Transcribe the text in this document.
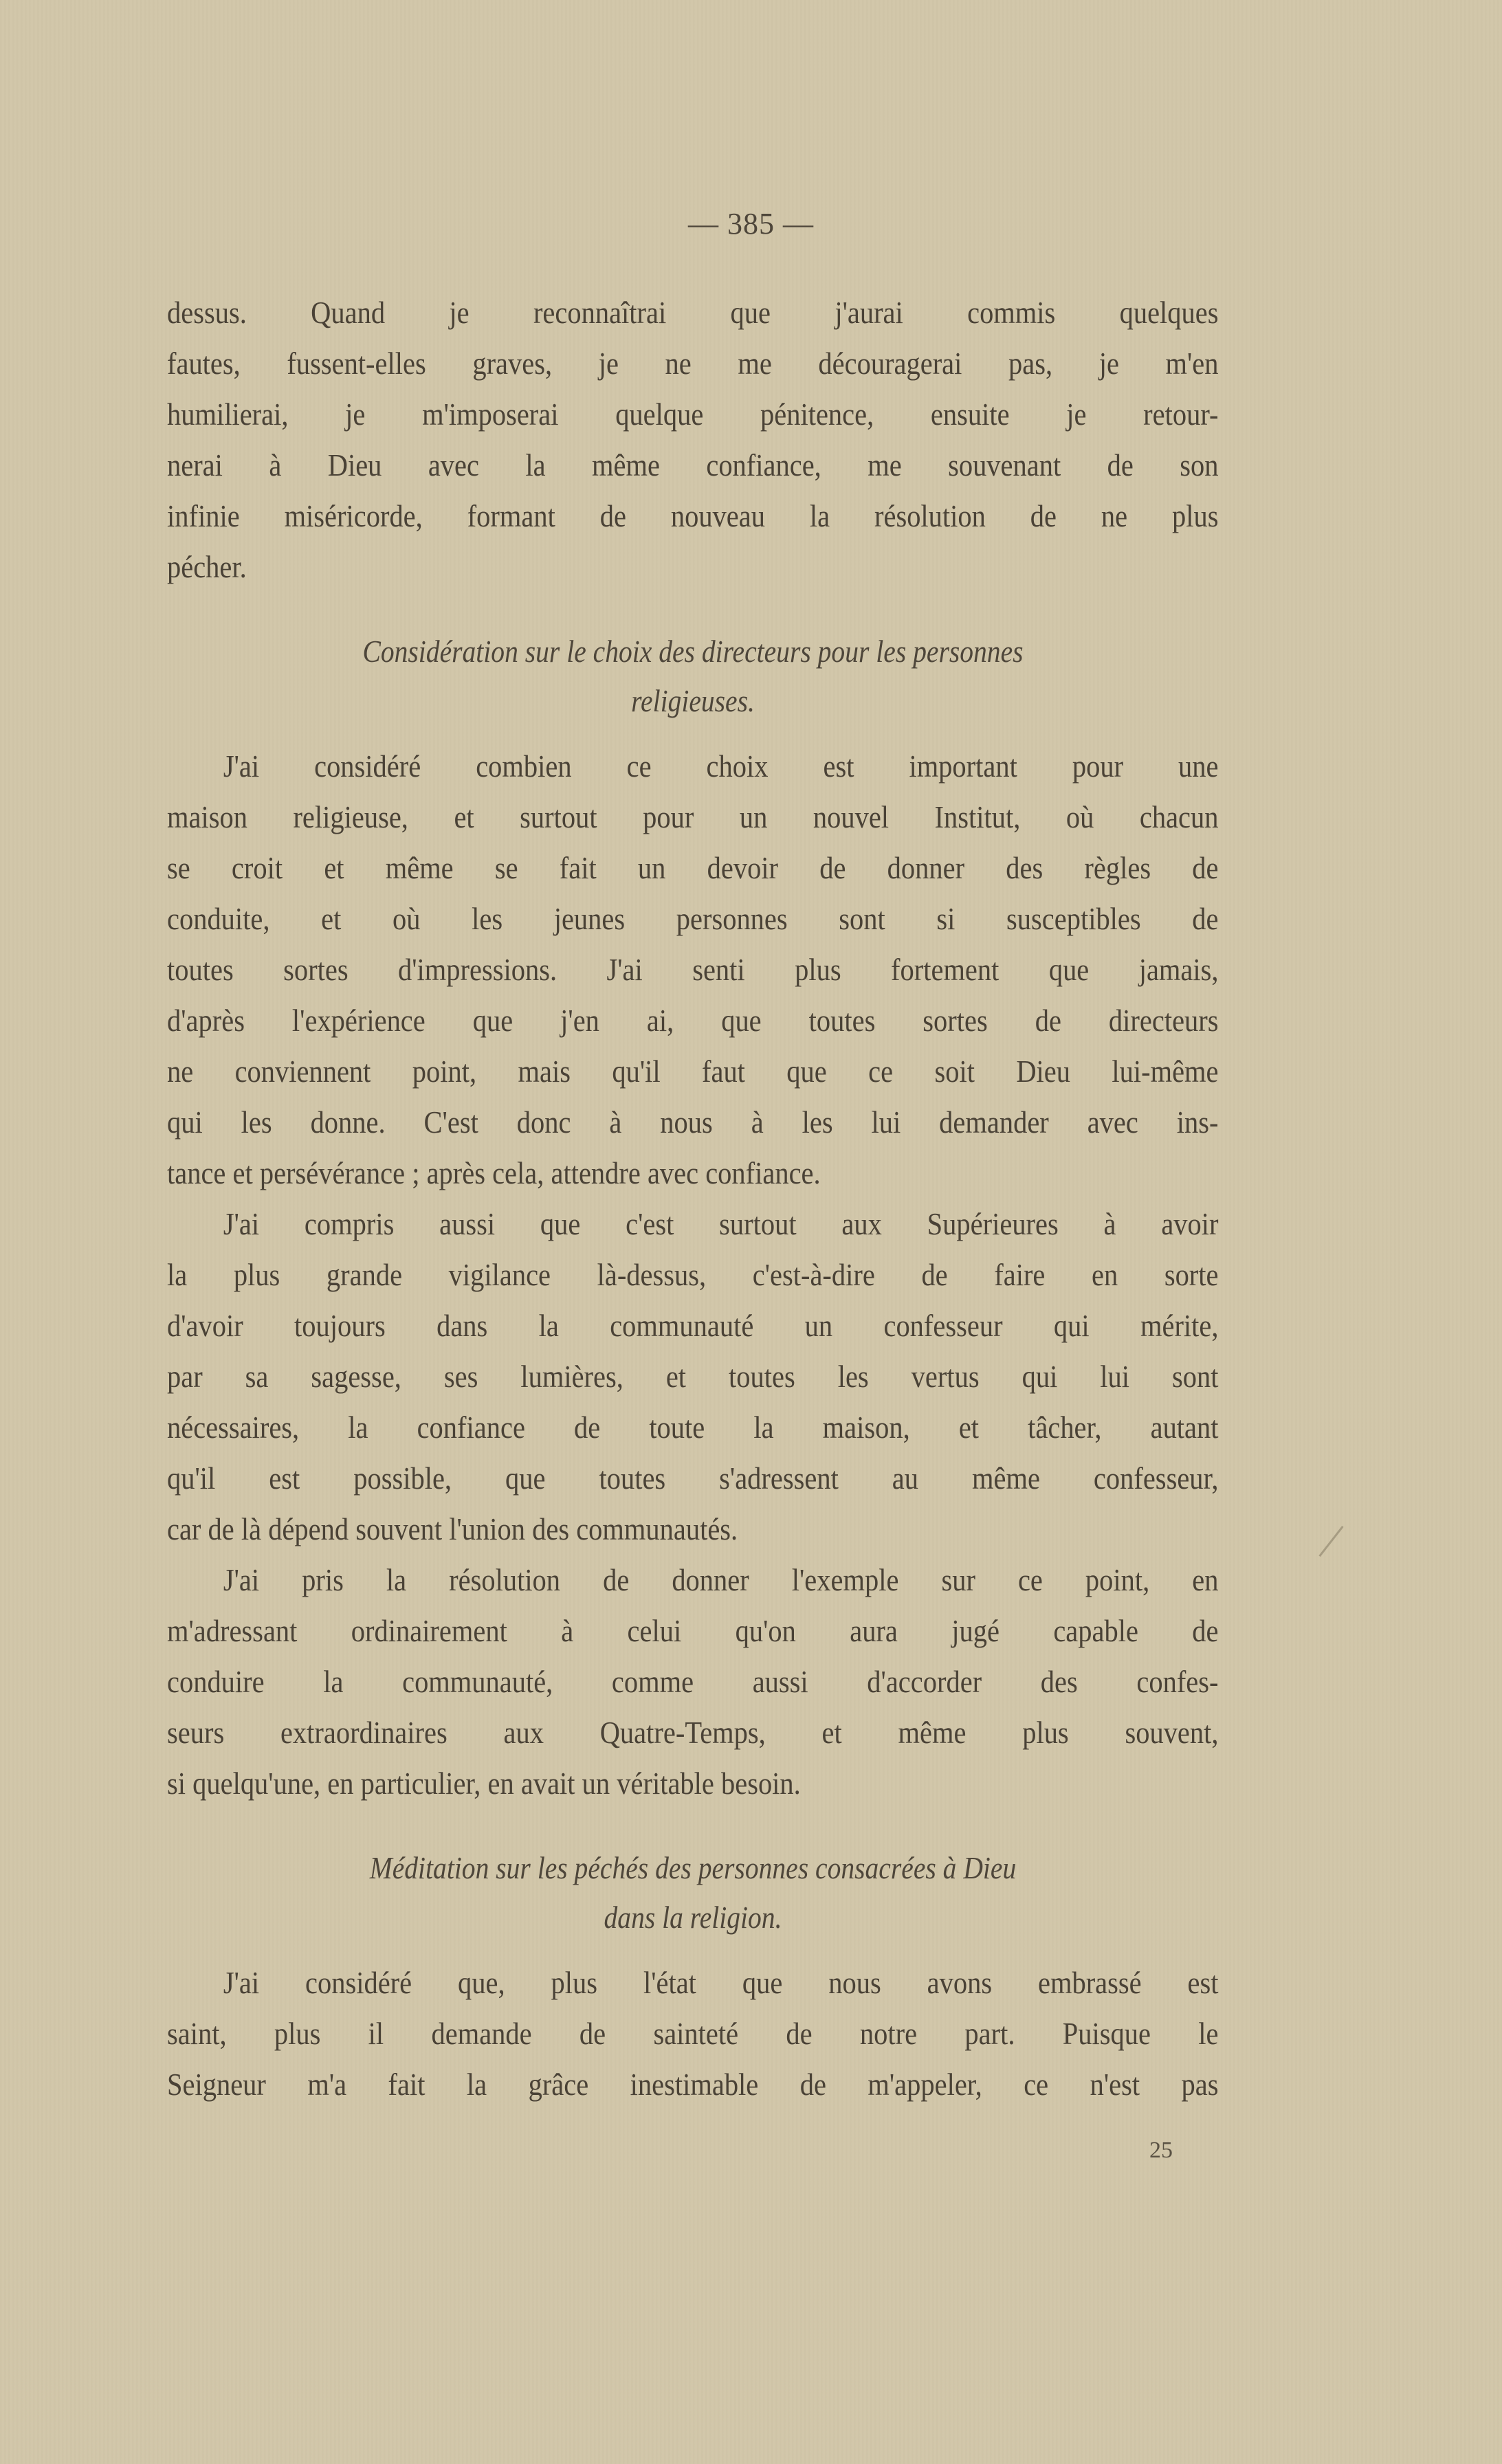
— 385 —
dessus. Quand je reconnaîtrai que j'aurai commis quelques
fautes, fussent-elles graves, je ne me découragerai pas, je m'en
humilierai, je m'imposerai quelque pénitence, ensuite je retour-
nerai à Dieu avec la même confiance, me souvenant de son
infinie miséricorde, formant de nouveau la résolution de ne plus
pécher.
Considération sur le choix des directeurs pour les personnes
religieuses.
J'ai considéré combien ce choix est important pour une
maison religieuse, et surtout pour un nouvel Institut, où chacun
se croit et même se fait un devoir de donner des règles de
conduite, et où les jeunes personnes sont si susceptibles de
toutes sortes d'impressions. J'ai senti plus fortement que jamais,
d'après l'expérience que j'en ai, que toutes sortes de directeurs
ne conviennent point, mais qu'il faut que ce soit Dieu lui-même
qui les donne. C'est donc à nous à les lui demander avec ins-
tance et persévérance ; après cela, attendre avec confiance.
J'ai compris aussi que c'est surtout aux Supérieures à avoir
la plus grande vigilance là-dessus, c'est-à-dire de faire en sorte
d'avoir toujours dans la communauté un confesseur qui mérite,
par sa sagesse, ses lumières, et toutes les vertus qui lui sont
nécessaires, la confiance de toute la maison, et tâcher, autant
qu'il est possible, que toutes s'adressent au même confesseur,
car de là dépend souvent l'union des communautés.
J'ai pris la résolution de donner l'exemple sur ce point, en
m'adressant ordinairement à celui qu'on aura jugé capable de
conduire la communauté, comme aussi d'accorder des confes-
seurs extraordinaires aux Quatre-Temps, et même plus souvent,
si quelqu'une, en particulier, en avait un véritable besoin.
Méditation sur les péchés des personnes consacrées à Dieu
dans la religion.
J'ai considéré que, plus l'état que nous avons embrassé est
saint, plus il demande de sainteté de notre part. Puisque le
Seigneur m'a fait la grâce inestimable de m'appeler, ce n'est pas
25
